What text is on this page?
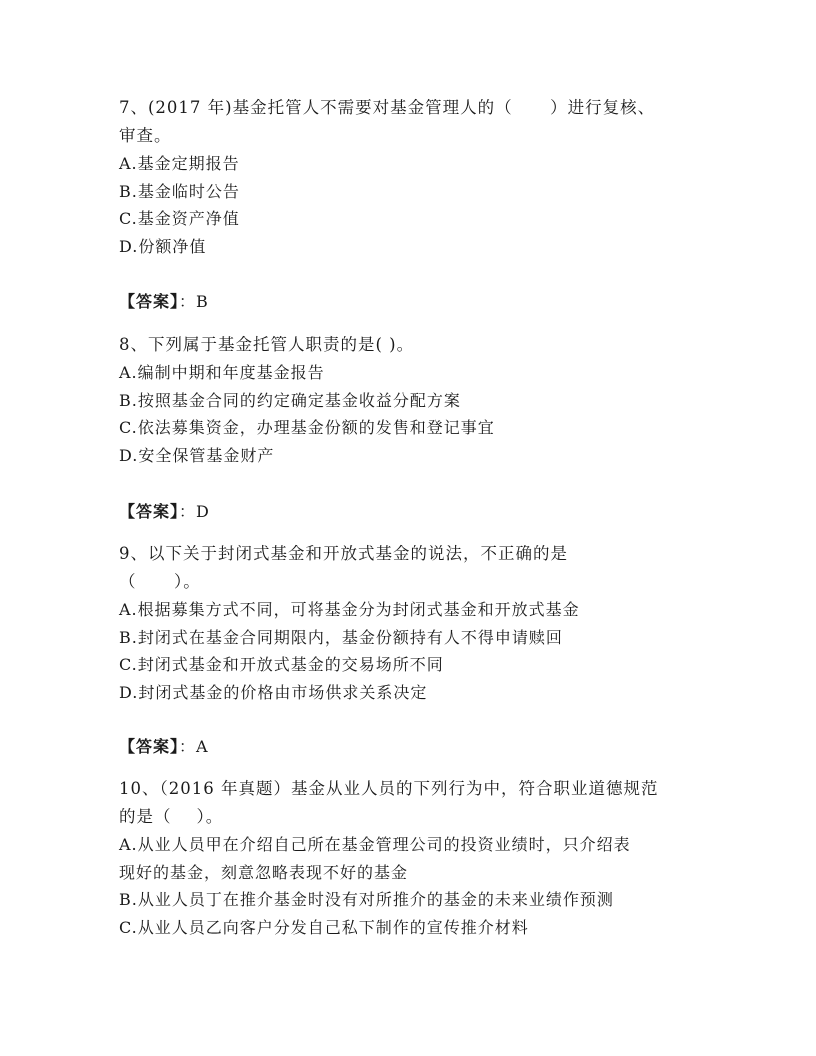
7、(2017 年)基金托管人不需要对基金管理人的（      ）进行复核、

审查。

A.基金定期报告
B.基金临时公告
C.基金资产净值
D.份额净值
【答案】：B

8、下列属于基金托管人职责的是( )。

A.编制中期和年度基金报告
B.按照基金合同的约定确定基金收益分配方案
C.依法募集资金，办理基金份额的发售和登记事宜
D.安全保管基金财产
【答案】：D

9、以下关于封闭式基金和开放式基金的说法，不正确的是

（      ）。

A.根据募集方式不同，可将基金分为封闭式基金和开放式基金
B.封闭式在基金合同期限内，基金份额持有人不得申请赎回
C.封闭式基金和开放式基金的交易场所不同
D.封闭式基金的价格由市场供求关系决定
【答案】：A

10、（2016 年真题）基金从业人员的下列行为中，符合职业道德规范

的是（    ）。

A.从业人员甲在介绍自己所在基金管理公司的投资业绩时，只介绍表
现好的基金，刻意忽略表现不好的基金
B.从业人员丁在推介基金时没有对所推介的基金的未来业绩作预测
C.从业人员乙向客户分发自己私下制作的宣传推介材料
